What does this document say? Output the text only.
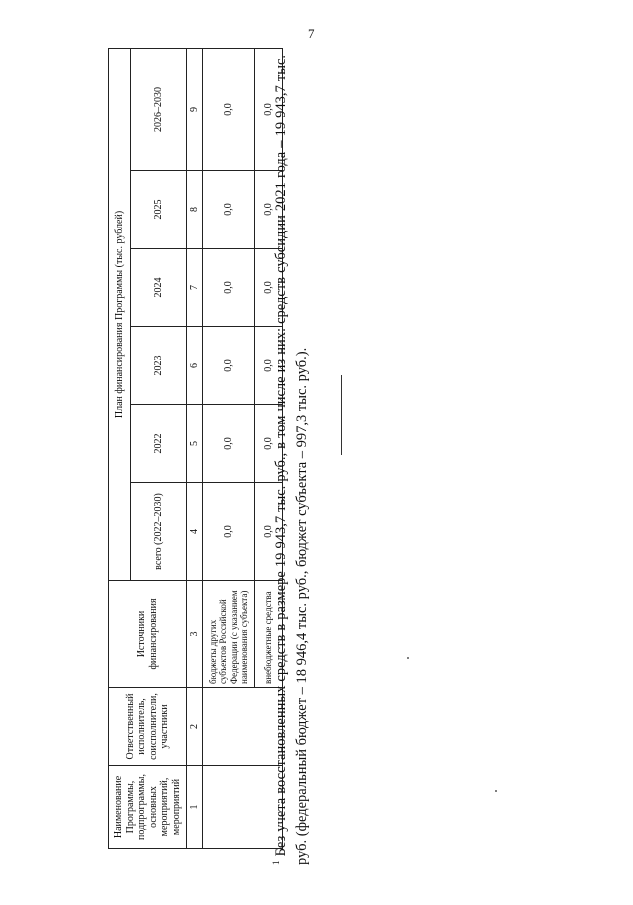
7
Наименование Программы, подпрограммы, основных мероприятий, мероприятий	Ответственный исполнитель, соисполнители, участники	Источники финансирования	План финансирования Программы (тыс. рублей)					
			всего (2022–2030)	2022	2023	2024	2025	2026–2030
1	2	3	4	5	6	7	8	9
		бюджеты других субъектов Российской Федерации (с указанием наименования субъекта)	0,0	0,0	0,0	0,0	0,0	0,0
		внебюджетные средства	0,0	0,0	0,0	0,0	0,0	0,0
$^1$ Без учета восстановленных средств в размере 19 943,7 тыс. руб., в том числе из них: средств субсидии 2021 года – 19 943,7 тыс. руб. (федеральный бюджет – 18 946,4 тыс. руб., бюджет субъекта – 997,3 тыс. руб.).
